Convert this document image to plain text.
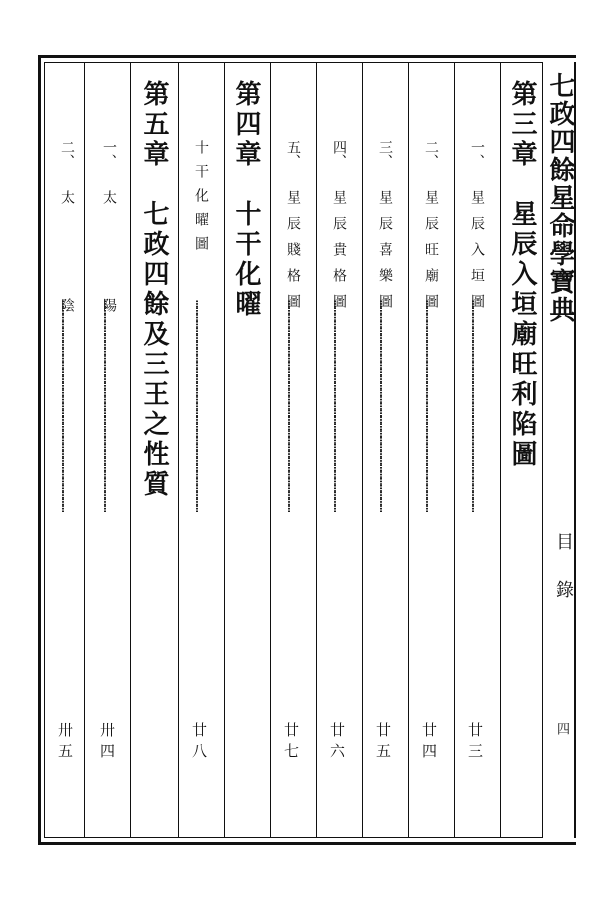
七政四餘星命學寶典
目錄
四
第三章　星辰入垣廟旺利陷圖
一、
星辰入垣圖
…………………………………………………………………………………
廿三
二、
星辰旺廟圖
…………………………………………………………………………………
廿四
三、
星辰喜樂圖
…………………………………………………………………………………
廿五
四、
星辰貴格圖
…………………………………………………………………………………
廿六
五、
星辰賤格圖
…………………………………………………………………………………
廿七
第四章　十干化曜
十干化曜圖
…………………………………………………………………………………
廿八
第五章　七政四餘及三王之性質
一、
太　陽
…………………………………………………………………………………
卅四
二、
太　陰
…………………………………………………………………………………
卅五
